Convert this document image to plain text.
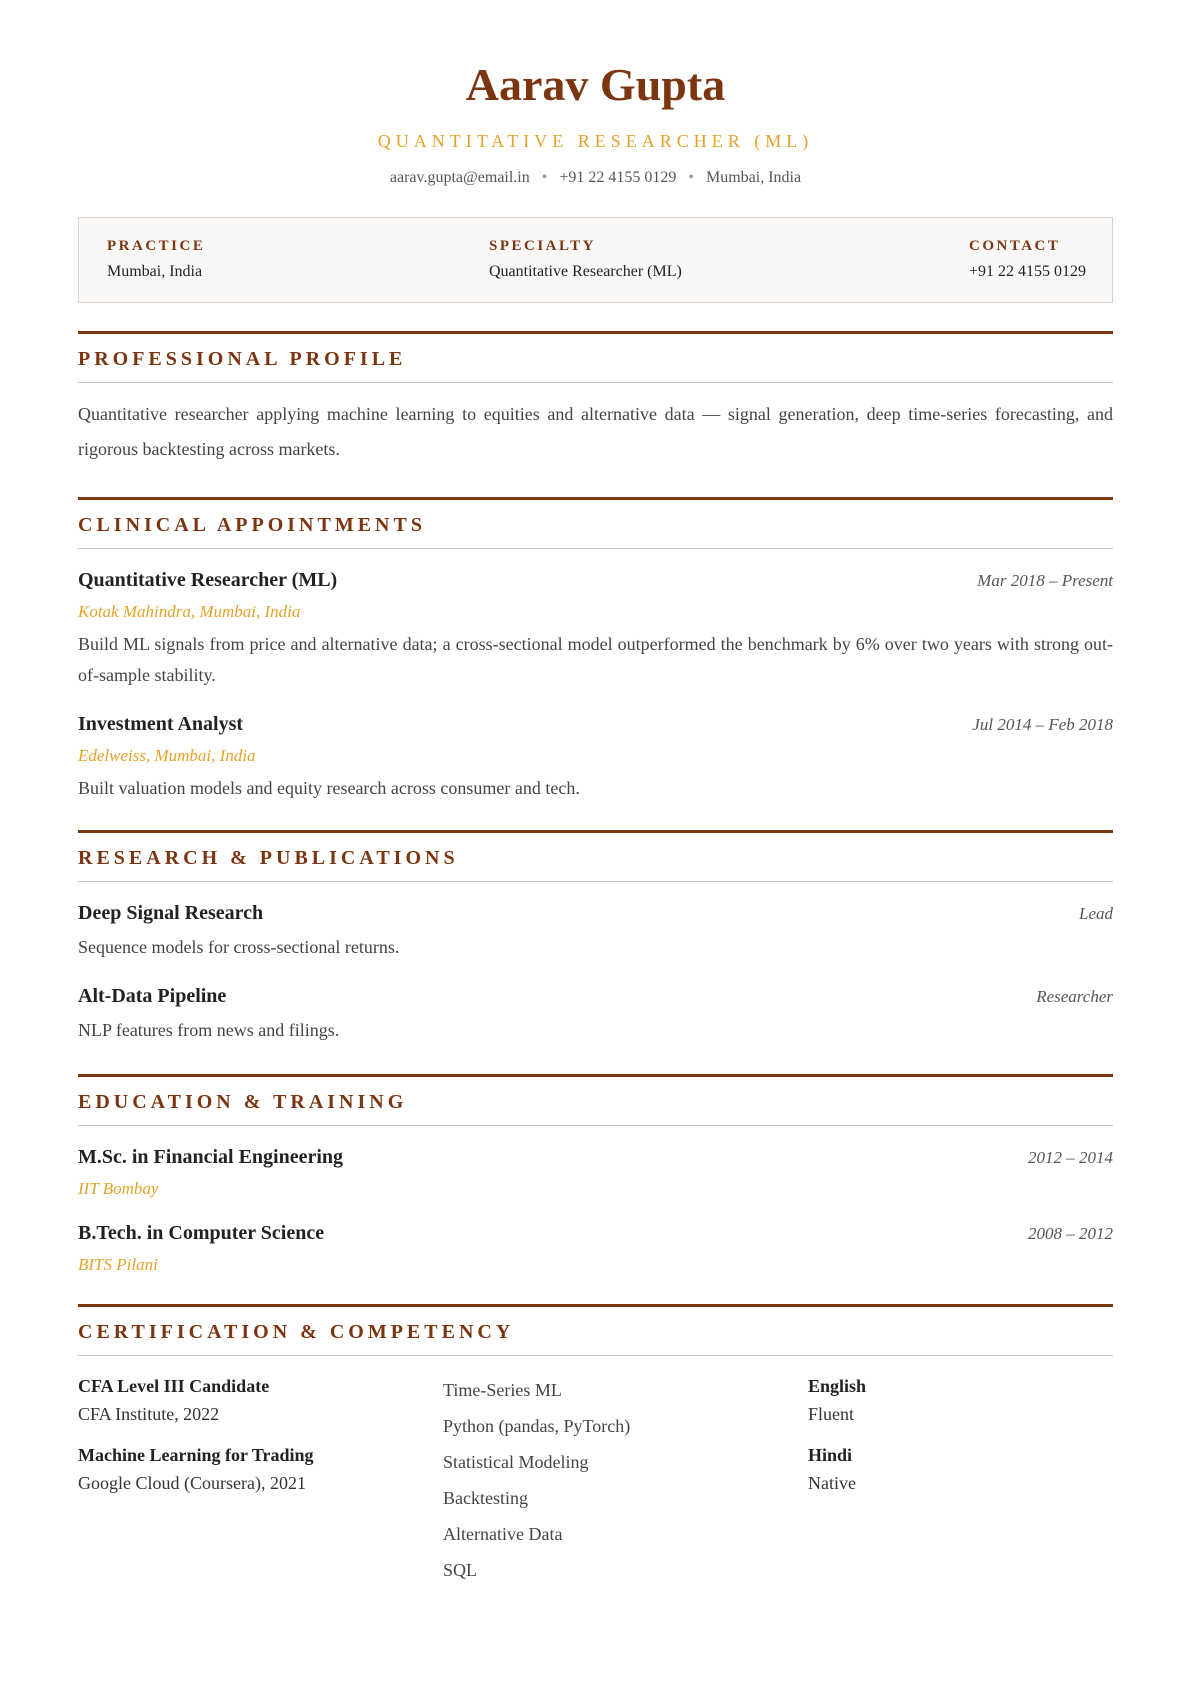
Aarav Gupta
QUANTITATIVE RESEARCHER (ML)
aarav.gupta@email.in • +91 22 4155 0129 • Mumbai, India
PRACTICE
Mumbai, India
SPECIALTY
Quantitative Researcher (ML)
CONTACT
+91 22 4155 0129
PROFESSIONAL PROFILE
Quantitative researcher applying machine learning to equities and alternative data — signal generation, deep time-series forecasting, and rigorous backtesting across markets.
CLINICAL APPOINTMENTS
Quantitative Researcher (ML)	Mar 2018 – Present
Kotak Mahindra, Mumbai, India
Build ML signals from price and alternative data; a cross-sectional model outperformed the benchmark by 6% over two years with strong out-of-sample stability.
Investment Analyst	Jul 2014 – Feb 2018
Edelweiss, Mumbai, India
Built valuation models and equity research across consumer and tech.
RESEARCH & PUBLICATIONS
Deep Signal Research	Lead
Sequence models for cross-sectional returns.
Alt-Data Pipeline	Researcher
NLP features from news and filings.
EDUCATION & TRAINING
M.Sc. in Financial Engineering	2012 – 2014
IIT Bombay
B.Tech. in Computer Science	2008 – 2012
BITS Pilani
CERTIFICATION & COMPETENCY
CFA Level III Candidate
CFA Institute, 2022
Machine Learning for Trading
Google Cloud (Coursera), 2021
Time-Series ML
Python (pandas, PyTorch)
Statistical Modeling
Backtesting
Alternative Data
SQL
English
Fluent
Hindi
Native
